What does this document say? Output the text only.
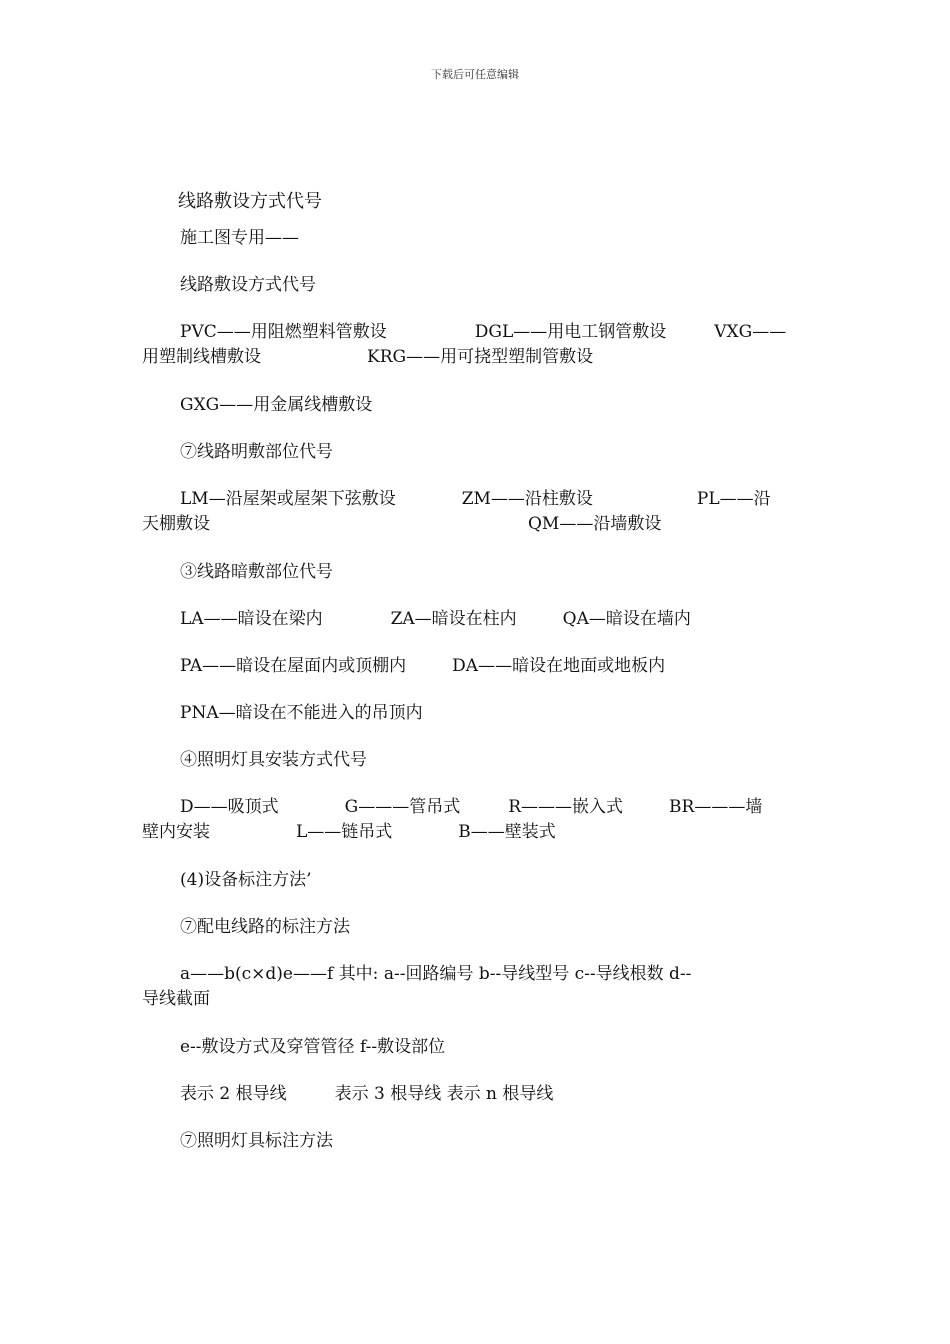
下载后可任意编辑
线路敷设方式代号
施工图专用——
线路敷设方式代号
PVC——用阻燃塑料管敷设	DGL——用电工钢管敷设	VXG——
用塑制线槽敷设	KRG——用可挠型塑制管敷设
GXG——用金属线槽敷设
⑦线路明敷部位代号
LM—沿屋架或屋架下弦敷设	ZM——沿柱敷设	PL——沿
天棚敷设	QM——沿墙敷设
③线路暗敷部位代号
LA——暗设在梁内	ZA—暗设在柱内	QA—暗设在墙内
PA——暗设在屋面内或顶棚内	DA——暗设在地面或地板内
PNA—暗设在不能进入的吊顶内
④照明灯具安装方式代号
D——吸顶式	G———管吊式	R———嵌入式	BR———墙
壁内安装	L——链吊式	B——壁装式
(4)设备标注方法’
⑦配电线路的标注方法
a——b(c×d)e——f 其中: a--回路编号 b--导线型号 c--导线根数 d--
导线截面
e--敷设方式及穿管管径 f--敷设部位
表示 2 根导线	表示 3 根导线 表示 n 根导线
⑦照明灯具标注方法
